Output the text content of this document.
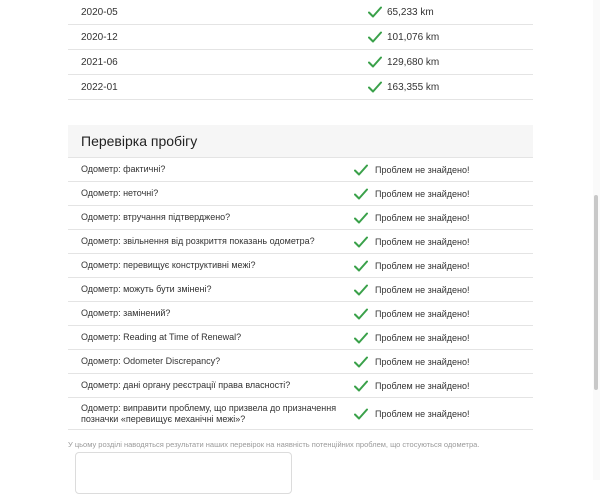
2020-05	65,233 km
2020-12	101,076 km
2021-06	129,680 km
2022-01	163,355 km
Перевірка пробігу
Одометр: фактичні?	Проблем не знайдено!
Одометр: неточні?	Проблем не знайдено!
Одометр: втручання підтверджено?	Проблем не знайдено!
Одометр: звільнення від розкриття показань одометра?	Проблем не знайдено!
Одометр: перевищує конструктивні межі?	Проблем не знайдено!
Одометр: можуть бути змінені?	Проблем не знайдено!
Одометр: замінений?	Проблем не знайдено!
Одометр: Reading at Time of Renewal?	Проблем не знайдено!
Одометр: Odometer Discrepancy?	Проблем не знайдено!
Одометр: дані органу реєстрації права власності?	Проблем не знайдено!
Одометр: виправити проблему, що призвела до призначення позначки «перевищує механічні межі»?	Проблем не знайдено!
У цьому розділі наводяться результати наших перевірок на наявність потенційних проблем, що стосуються одометра.
